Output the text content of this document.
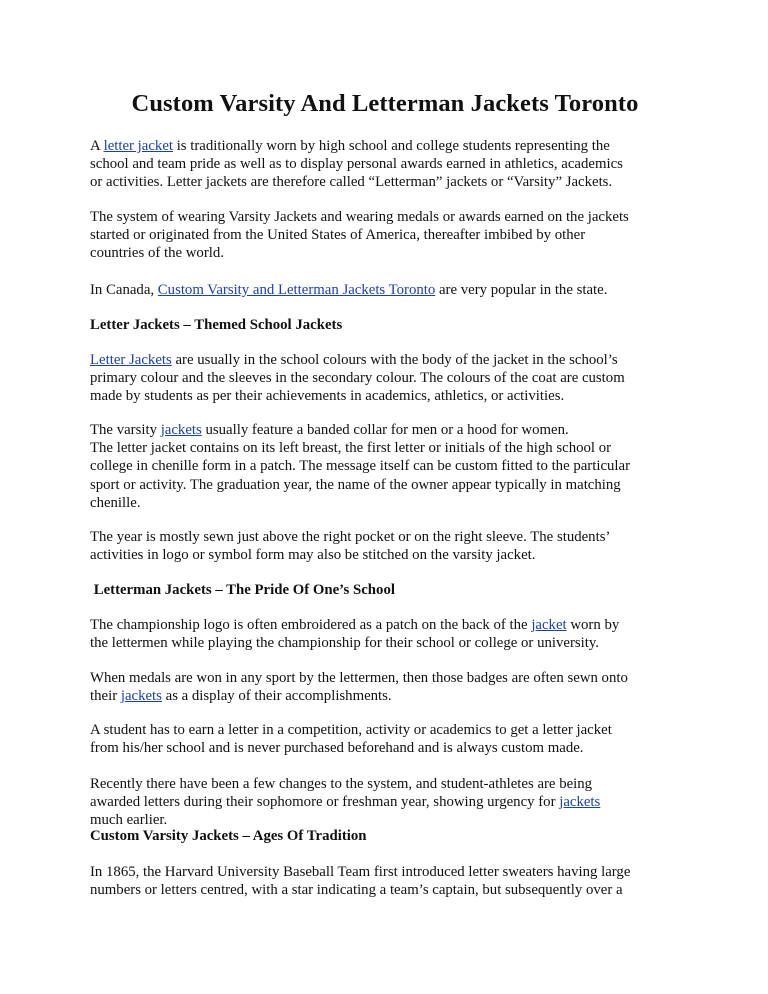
Custom Varsity And Letterman Jackets Toronto

A letter jacket is traditionally worn by high school and college students representing the
school and team pride as well as to display personal awards earned in athletics, academics
or activities. Letter jackets are therefore called “Letterman” jackets or “Varsity” Jackets.

The system of wearing Varsity Jackets and wearing medals or awards earned on the jackets
started or originated from the United States of America, thereafter imbibed by other
countries of the world.

In Canada, Custom Varsity and Letterman Jackets Toronto are very popular in the state.

Letter Jackets – Themed School Jackets

Letter Jackets are usually in the school colours with the body of the jacket in the school’s
primary colour and the sleeves in the secondary colour. The colours of the coat are custom
made by students as per their achievements in academics, athletics, or activities.

The varsity jackets usually feature a banded collar for men or a hood for women.
The letter jacket contains on its left breast, the first letter or initials of the high school or
college in chenille form in a patch. The message itself can be custom fitted to the particular
sport or activity. The graduation year, the name of the owner appear typically in matching
chenille.

The year is mostly sewn just above the right pocket or on the right sleeve. The students’
activities in logo or symbol form may also be stitched on the varsity jacket.

Letterman Jackets – The Pride Of One’s School

The championship logo is often embroidered as a patch on the back of the jacket worn by
the lettermen while playing the championship for their school or college or university.

When medals are won in any sport by the lettermen, then those badges are often sewn onto
their jackets as a display of their accomplishments.

A student has to earn a letter in a competition, activity or academics to get a letter jacket
from his/her school and is never purchased beforehand and is always custom made.

Recently there have been a few changes to the system, and student-athletes are being
awarded letters during their sophomore or freshman year, showing urgency for jackets
much earlier.

Custom Varsity Jackets – Ages Of Tradition

In 1865, the Harvard University Baseball Team first introduced letter sweaters having large
numbers or letters centred, with a star indicating a team’s captain, but subsequently over a
